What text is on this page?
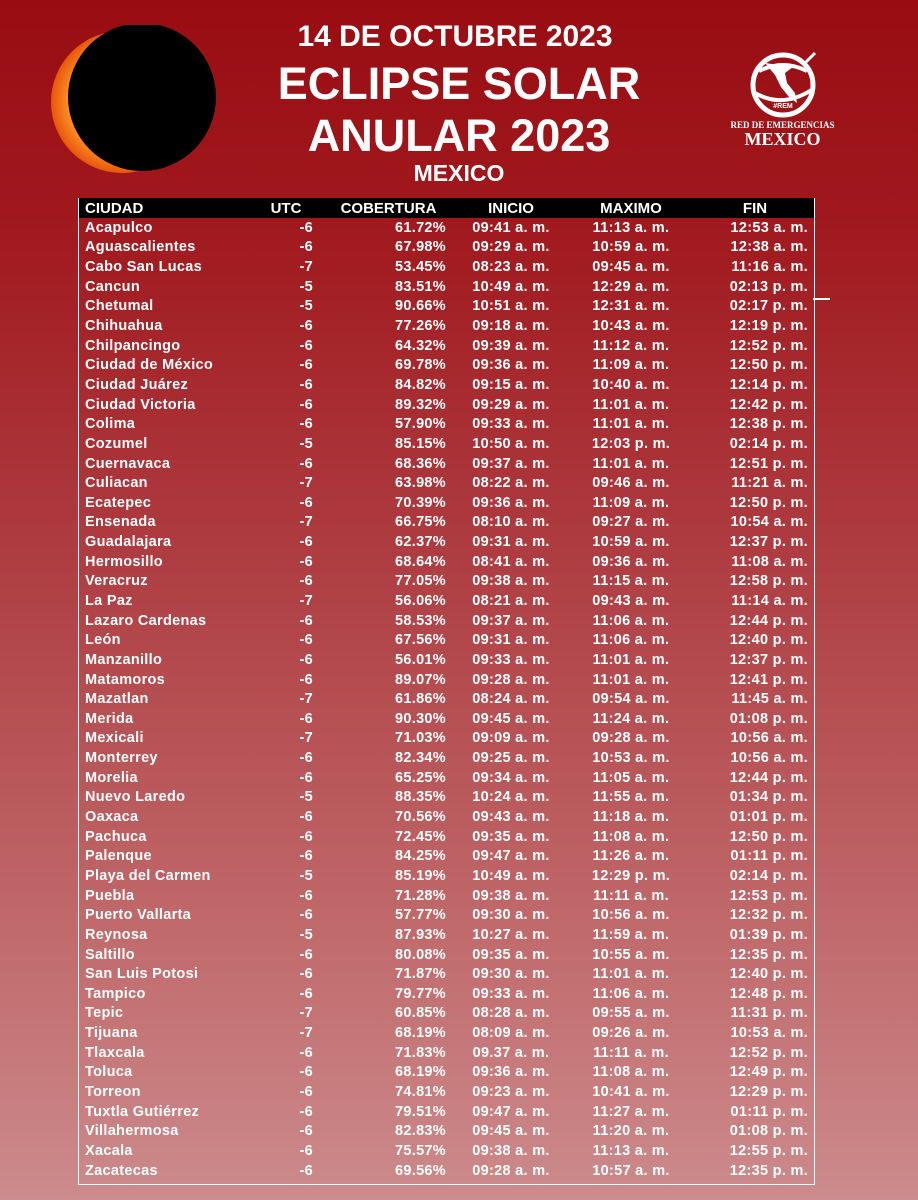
14 DE OCTUBRE 2023
ECLIPSE SOLAR
ANULAR 2023
MEXICO
#REM
RED DE EMERGENCIAS
MEXICO
CIUDAD	UTC	COBERTURA	INICIO	MAXIMO	FIN
Acapulco	-6	61.72%	09:41 a. m.	11:13 a. m.	12:53 a. m.
Aguascalientes	-6	67.98%	09:29 a. m.	10:59 a. m.	12:38 a. m.
Cabo San Lucas	-7	53.45%	08:23 a. m.	09:45 a. m.	11:16 a. m.
Cancun	-5	83.51%	10:49 a. m.	12:29 a. m.	02:13 p. m.
Chetumal	-5	90.66%	10:51 a. m.	12:31 a. m.	02:17 p. m.
Chihuahua	-6	77.26%	09:18 a. m.	10:43 a. m.	12:19 p. m.
Chilpancingo	-6	64.32%	09:39 a. m.	11:12 a. m.	12:52 p. m.
Ciudad de México	-6	69.78%	09:36 a. m.	11:09 a. m.	12:50 p. m.
Ciudad Juárez	-6	84.82%	09:15 a. m.	10:40 a. m.	12:14 p. m.
Ciudad Victoria	-6	89.32%	09:29 a. m.	11:01 a. m.	12:42 p. m.
Colima	-6	57.90%	09:33 a. m.	11:01 a. m.	12:38 p. m.
Cozumel	-5	85.15%	10:50 a. m.	12:03 p. m.	02:14 p. m.
Cuernavaca	-6	68.36%	09:37 a. m.	11:01 a. m.	12:51 p. m.
Culiacan	-7	63.98%	08:22 a. m.	09:46 a. m.	11:21 a. m.
Ecatepec	-6	70.39%	09:36 a. m.	11:09 a. m.	12:50 p. m.
Ensenada	-7	66.75%	08:10 a. m.	09:27 a. m.	10:54 a. m.
Guadalajara	-6	62.37%	09:31 a. m.	10:59 a. m.	12:37 p. m.
Hermosillo	-6	68.64%	08:41 a. m.	09:36 a. m.	11:08 a. m.
Veracruz	-6	77.05%	09:38 a. m.	11:15 a. m.	12:58 p. m.
La Paz	-7	56.06%	08:21 a. m.	09:43 a. m.	11:14 a. m.
Lazaro Cardenas	-6	58.53%	09:37 a. m.	11:06 a. m.	12:44 p. m.
León	-6	67.56%	09:31 a. m.	11:06 a. m.	12:40 p. m.
Manzanillo	-6	56.01%	09:33 a. m.	11:01 a. m.	12:37 p. m.
Matamoros	-6	89.07%	09:28 a. m.	11:01 a. m.	12:41 p. m.
Mazatlan	-7	61.86%	08:24 a. m.	09:54 a. m.	11:45 a. m.
Merida	-6	90.30%	09:45 a. m.	11:24 a. m.	01:08 p. m.
Mexicali	-7	71.03%	09:09 a. m.	09:28 a. m.	10:56 a. m.
Monterrey	-6	82.34%	09:25 a. m.	10:53 a. m.	10:56 a. m.
Morelia	-6	65.25%	09:34 a. m.	11:05 a. m.	12:44 p. m.
Nuevo Laredo	-5	88.35%	10:24 a. m.	11:55 a. m.	01:34 p. m.
Oaxaca	-6	70.56%	09:43 a. m.	11:18 a. m.	01:01 p. m.
Pachuca	-6	72.45%	09:35 a. m.	11:08 a. m.	12:50 p. m.
Palenque	-6	84.25%	09:47 a. m.	11:26 a. m.	01:11 p. m.
Playa del Carmen	-5	85.19%	10:49 a. m.	12:29 p. m.	02:14 p. m.
Puebla	-6	71.28%	09:38 a. m.	11:11 a. m.	12:53 p. m.
Puerto Vallarta	-6	57.77%	09:30 a. m.	10:56 a. m.	12:32 p. m.
Reynosa	-5	87.93%	10:27 a. m.	11:59 a. m.	01:39 p. m.
Saltillo	-6	80.08%	09:35 a. m.	10:55 a. m.	12:35 p. m.
San Luis Potosi	-6	71.87%	09:30 a. m.	11:01 a. m.	12:40 p. m.
Tampico	-6	79.77%	09:33 a. m.	11:06 a. m.	12:48 p. m.
Tepic	-7	60.85%	08:28 a. m.	09:55 a. m.	11:31 p. m.
Tijuana	-7	68.19%	08:09 a. m.	09:26 a. m.	10:53 a. m.
Tlaxcala	-6	71.83%	09.37 a. m.	11:11 a. m.	12:52 p. m.
Toluca	-6	68.19%	09:36 a. m.	11:08 a. m.	12:49 p. m.
Torreon	-6	74.81%	09:23 a. m.	10:41 a. m.	12:29 p. m.
Tuxtla Gutiérrez	-6	79.51%	09:47 a. m.	11:27 a. m.	01:11 p. m.
Villahermosa	-6	82.83%	09:45 a. m.	11:20 a. m.	01:08 p. m.
Xacala	-6	75.57%	09:38 a. m.	11:13 a. m.	12:55 p. m.
Zacatecas	-6	69.56%	09:28 a. m.	10:57 a. m.	12:35 p. m.
